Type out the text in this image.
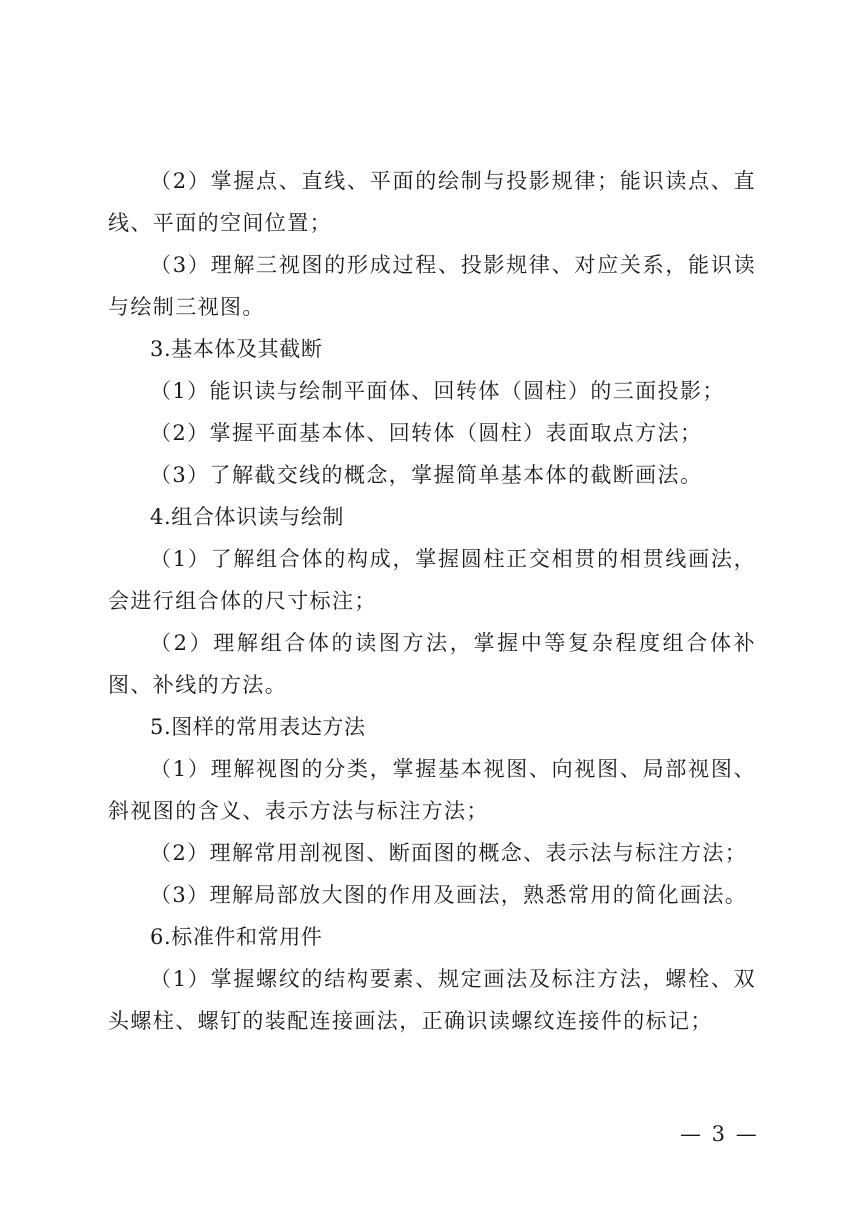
（2）掌握点、直线、平面的绘制与投影规律；能识读点、直线、平面的空间位置；

（3）理解三视图的形成过程、投影规律、对应关系，能识读与绘制三视图。

3.基本体及其截断

（1）能识读与绘制平面体、回转体（圆柱）的三面投影；

（2）掌握平面基本体、回转体（圆柱）表面取点方法；

（3）了解截交线的概念，掌握简单基本体的截断画法。

4.组合体识读与绘制

（1）了解组合体的构成，掌握圆柱正交相贯的相贯线画法，会进行组合体的尺寸标注；

（2）理解组合体的读图方法，掌握中等复杂程度组合体补图、补线的方法。

5.图样的常用表达方法

（1）理解视图的分类，掌握基本视图、向视图、局部视图、斜视图的含义、表示方法与标注方法；

（2）理解常用剖视图、断面图的概念、表示法与标注方法；

（3）理解局部放大图的作用及画法，熟悉常用的简化画法。

6.标准件和常用件

（1）掌握螺纹的结构要素、规定画法及标注方法，螺栓、双头螺柱、螺钉的装配连接画法，正确识读螺纹连接件的标记；

— 3 —
